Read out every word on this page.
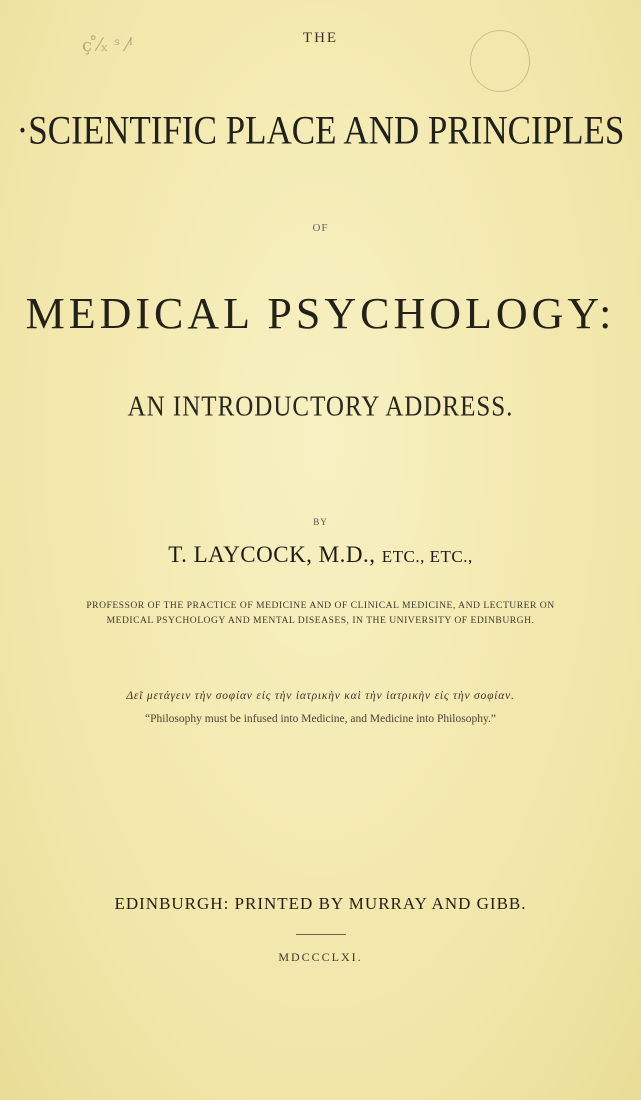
ç ̊⁄ₓ ˢ ⁄ˡ	THE
·SCIENTIFIC PLACE AND PRINCIPLES
OF
MEDICAL PSYCHOLOGY:
AN INTRODUCTORY ADDRESS.
BY
T. LAYCOCK, M.D., ETC., ETC.,
PROFESSOR OF THE PRACTICE OF MEDICINE AND OF CLINICAL MEDICINE, AND LECTURER ON
MEDICAL PSYCHOLOGY AND MENTAL DISEASES, IN THE UNIVERSITY OF EDINBURGH.
Δεῖ μετάγειν τὴν σοφίαν εἰς τὴν ἰατρικὴν καὶ τὴν ἰατρικὴν εἰς τὴν σοφίαν.
“Philosophy must be infused into Medicine, and Medicine into Philosophy.”
EDINBURGH: PRINTED BY MURRAY AND GIBB.
MDCCCLXI.
